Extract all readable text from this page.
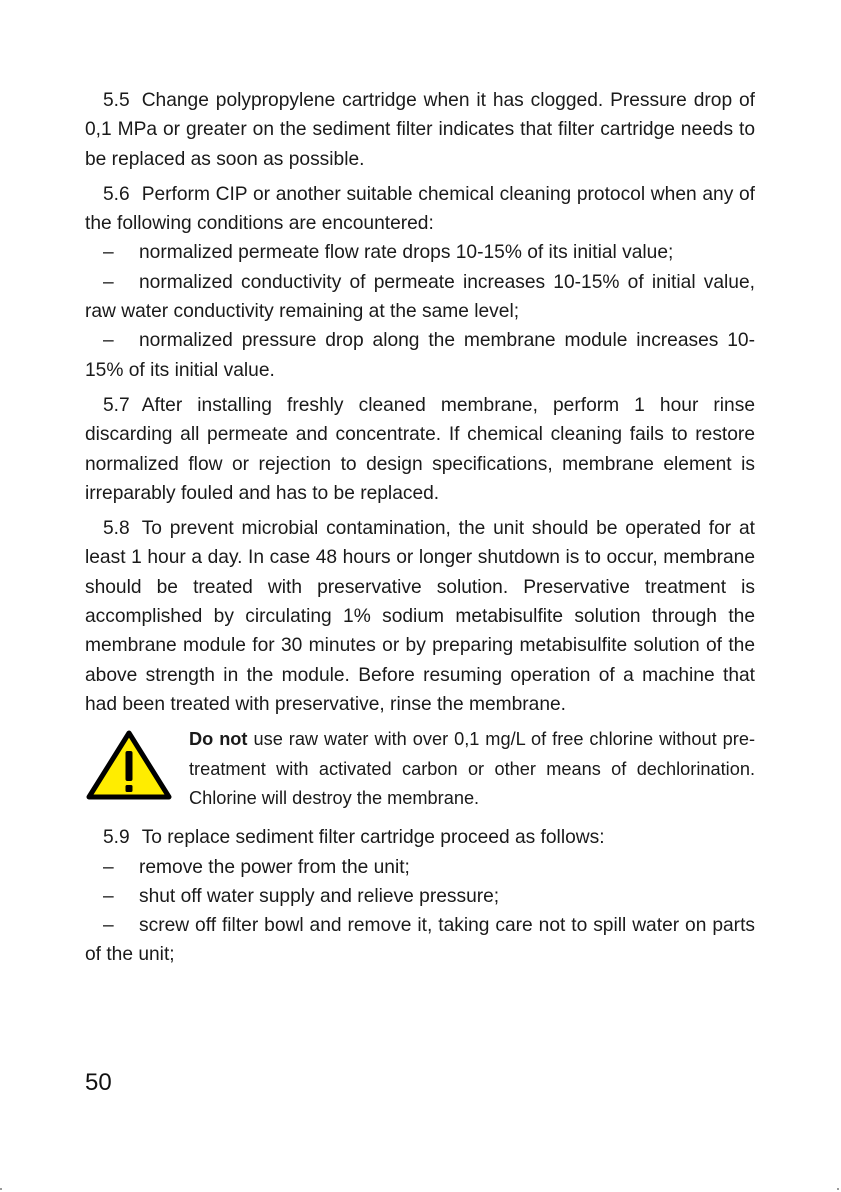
5.5 Change polypropylene cartridge when it has clogged. Pressure drop of 0,1 MPa or greater on the sediment filter indicates that filter cartridge needs to be replaced as soon as possible.

5.6 Perform CIP or another suitable chemical cleaning protocol when any of the following conditions are encountered:

– normalized permeate flow rate drops 10-15% of its initial value;

– normalized conductivity of permeate increases 10-15% of initial value, raw water conductivity remaining at the same level;

– normalized pressure drop along the membrane module increases 10-15% of its initial value.

5.7 After installing freshly cleaned membrane, perform 1 hour rinse discarding all permeate and concentrate. If chemical cleaning fails to restore normalized flow or rejection to design specifications, membrane element is irreparably fouled and has to be replaced.

5.8 To prevent microbial contamination, the unit should be operated for at least 1 hour a day. In case 48 hours or longer shutdown is to occur, membrane should be treated with preservative solution. Preservative treatment is accomplished by circulating 1% sodium metabisulfite solution through the membrane module for 30 minutes or by preparing metabisulfite solution of the above strength in the module. Before resuming operation of a machine that had been treated with preservative, rinse the membrane.

Do not use raw water with over 0,1 mg/L of free chlorine without pre-treatment with activated carbon or other means of dechlorination. Chlorine will destroy the membrane.

5.9 To replace sediment filter cartridge proceed as follows:

– remove the power from the unit;

– shut off water supply and relieve pressure;

– screw off filter bowl and remove it, taking care not to spill water on parts of the unit;

50
